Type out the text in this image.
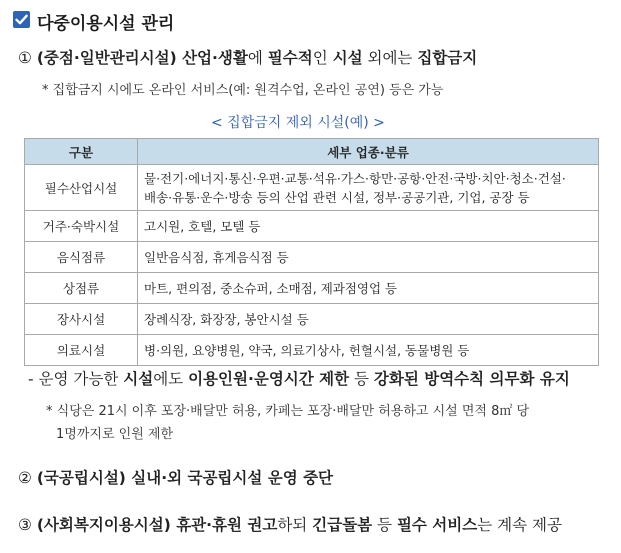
다중이용시설 관리
① (중점·일반관리시설) 산업·생활에 필수적인 시설 외에는 집합금지
* 집합금지 시에도 온라인 서비스(예: 원격수업, 온라인 공연) 등은 가능
< 집합금지 제외 시설(예) >
구분	세부 업종·분류
필수산업시설	물·전기·에너지·통신·우편·교통·석유·가스·항만·공항·안전·국방·치안·청소·건설·
배송·유통·운수·방송 등의 산업 관련 시설, 정부·공공기관, 기업, 공장 등

거주·숙박시설	고시원, 호텔, 모텔 등
음식점류	일반음식점, 휴게음식점 등
상점류	마트, 편의점, 중소슈퍼, 소매점, 제과점영업 등
장사시설	장례식장, 화장장, 봉안시설 등
의료시설	병·의원, 요양병원, 약국, 의료기상사, 헌혈시설, 동물병원 등
- 운영 가능한 시설에도 이용인원·운영시간 제한 등 강화된 방역수칙 의무화 유지
* 식당은 21시 이후 포장·배달만 허용, 카페는 포장·배달만 허용하고 시설 면적 8㎡ 당
1명까지로 인원 제한
② (국공립시설) 실내·외 국공립시설 운영 중단
③ (사회복지이용시설) 휴관·휴원 권고하되 긴급돌봄 등 필수 서비스는 계속 제공
